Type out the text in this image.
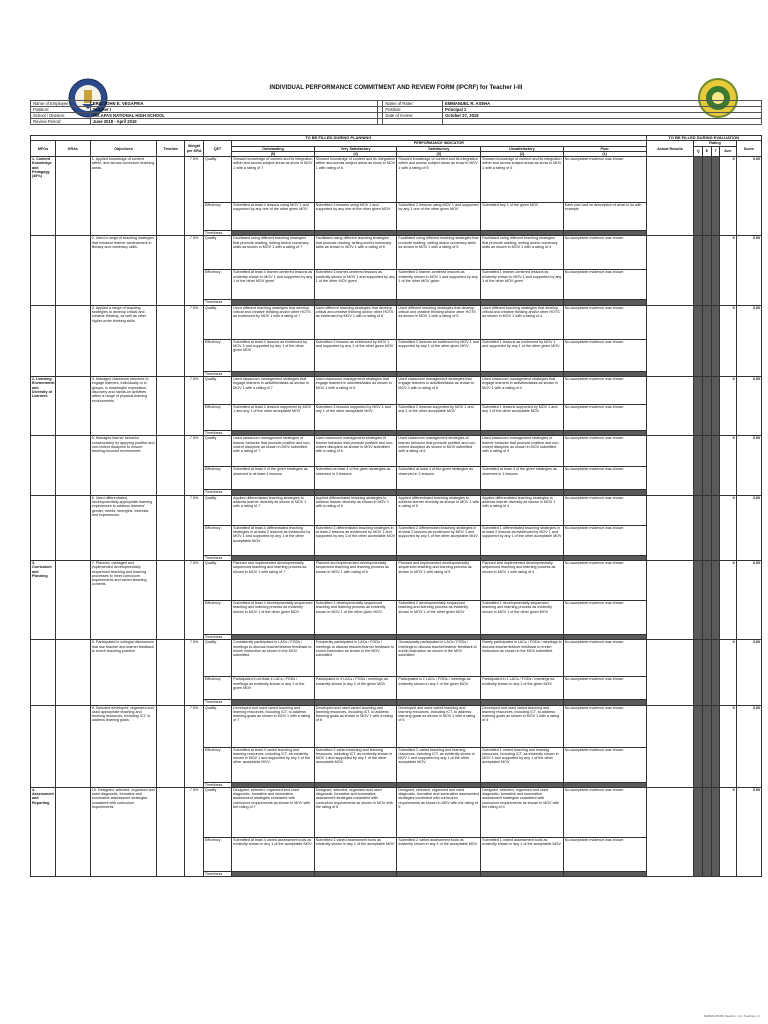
INDIVIDUAL PERFORMANCE COMMITMENT AND REVIEW FORM (IPCRF) for Teacher I-III
Name of Employee:	ERIC JOHN E. VEGAFRIA		Name of Rater:	EMMANUEL R. ASEHA
Position:	Teacher I		Position:	Principal 1
School / Division:	TELAFAS NATIONAL HIGH SCHOOL		Date of review:	October 27, 2018
Review Period:	June 2018 - April 2019			
TO BE FILLED DURING PLANNING											TO BE FILLED DURING EVALUATION					
MFOs	KRAs	Objectives	Timeline	Weight per KRA	QET	PERFORMANCE INDICATOR					Actual Results	Rating				Score
						Outstanding	Very Satisfactory	Satisfactory	Unsatisfactory	Poor		Q	E	T	Ave.	
						(5)	(4)	(3)	(2)	(1)						
1. Content Knowledge and Pedagogy (45%)		1. Applied knowledge of content within, and across curriculum teaching areas.		7.5%	Quality	Showed knowledge of content and its integration within and across subject areas as show in MOV 1 with a rating of 7	Showed knowledge of content and its integration within and across subject areas as show in MOV 1 with rating of 6	Showed knowledge of content and its integration within and across subject areas as show in MOV 1 with a rating of 5	Showed knowledge of content and its integration within and across subject areas as show in MOV 1 with a rating of 4	No acceptable evidence was shown					0	0.00
					Efficiency	Submitted at least 4 lessons using MOV 1 and supported by any one of the other given MOV	Submitted 3 lessons using MOV 1 and supported by any one of the other given MOV	Submitted 2 lessons using MOV 1 and supported by any 1 one of the other given MOV	Submitted any 1 of the given MOV	Each part had no description of what to do with example						
					Timeliness											
		2. Used a range of teaching strategies that enhance learner achievement in literacy and numeracy skills.		7.5%	Quality	Facilitated using different teaching strategies that promote reading, writing and/or numeracy skills as shown in MOV 1 with a rating of 7	Facilitated using different teaching strategies that promote reading, writing and/or numeracy skills as shown in MOV 1 with a rating of 6	Facilitated using different teaching strategies that promote reading, writing and/or numeracy skills as shown in MOV 1 with a rating of 5	Facilitated using different teaching strategies that promote reading, writing and/or numeracy skills as shown in MOV 1 with a rating of 4	No acceptable evidence was shown					0	0.00
					Efficiency	Submitted at least 4 learner-centered lessons as evidently shown in MOV 1 and supported by any 1 of the other MOV given	Submitted 3 learner-centered lessons as evidently shown in MOV 1 and supported by any 1 of the other MOV given	Submitted 2 learner-centered lessons as evidently shown in MOV 1 and supported by any 1 of the other MOV given	Submitted 1 learner-centered lessons as evidently shown in MOV 1 and supported by any 1 of the other MOV given	No acceptable evidence was shown						
					Timeliness											
		3. Applied a range of teaching strategies to develop critical and creative thinking, as well as other higher-order thinking skills.		7.5%	Quality	Used different teaching strategies that develop critical and creative thinking and/or other HOTS as evidenced by MOV 1 with a rating of 7	Used different teaching strategies that develop critical and creative thinking and/or other HOTS as evidenced by MOV 1 with a rating of 6	Used different teaching strategies that develop critical and creative thinking and/or other HOTS as shown in MOV 1 with a rating of 5	Used different teaching strategies that develop critical and creative thinking and/or other HOTS as shown in MOV 1 with a rating of 4	No acceptable evidence was shown					0	0.00
					Efficiency	Submitted at least 4 lessons as evidenced by MOV 1 and supported by any 1 of the other given MOV	Submitted 3 lessons as evidenced by MOV 1 and supported by any 1 of the other given MOV	Submitted 2 lessons as evidenced by MOV 1 and supported by any 1 of the other given MOV	Submitted 1 lessons as evidenced by MOV 1 and supported by any 1 of the other given MOV	No acceptable evidence was shown						
					Timeliness											
2. Learning Environment and Diversity of Learners		4. Managed classroom structure to engage learners, individually or in groups, in meaningful exploration, discovery and hands-on activities within a range of physical learning environments.		7.5%	Quality	Used classroom management strategies that engage learners in activities/tasks as shown in MOV 1 with a rating of 7	Used classroom management strategies that engage learners in activities/tasks as shown in MOV 1 with a rating of 6	Used classroom management strategies that engage learners in activities/tasks as shown in MOV 1 with a rating of 5	Used classroom management strategies that engage learners in activities/tasks as shown in MOV 1 with a rating of 4	No acceptable evidence was shown					0	0.00
					Efficiency	Submitted at least 4 lessons supported by MOV 1 and any 1 of the other acceptable MOV	Submitted 3 lessons supported by MOV 1 and any 1 of the other acceptable MOV	Submitted 2 lessons supported by MOV 1 and any 1 of the other acceptable MOV	Submitted 1 lessons supported by MOV 1 and any 1 of the other acceptable MOV	No acceptable evidence was shown						
					Timeliness											
		5. Managed learner behavior constructively by applying positive and non-violent discipline to ensure learning-focused environment.		7.5%	Quality	Used classroom management strategies of learner behavior that promote positive and non-violent discipline as shown in MOV submitted with a rating of 7	Used classroom management strategies of learner behavior that promote positive and non-violent discipline as shown in MOV submitted with a rating of 6	Used classroom management strategies of learner behavior that promote positive and non-violent discipline as shown in MOV submitted with a rating of 5	Used classroom management strategies of learner behavior that promote positive and non-violent discipline as shown in MOV submitted with a rating of 4	No acceptable evidence was shown					0	0.00
					Efficiency	Submitted at least 4 of the given strategies as observed in at least 4 lessons	Submitted at least 4 of the given strategies as observed in 3 lessons	Submitted at least 4 of the given strategies as observed in 2 lessons	Submitted at least 4 of the given strategies as observed in 1 lessons	No acceptable evidence was shown						
					Timeliness											
		6. Used differentiated, developmentally appropriate learning experiences to address learners' gender, needs, strengths, interests and experiences.		7.5%	Quality	Applied differentiated teaching strategies to address learner diversity as shown in MOV 1 with a rating of 7	Applied differentiated teaching strategies to address learner diversity as shown in MOV 1 with a rating of 6	Applied differentiated teaching strategies to address learner diversity as shown in MOV 1 with a rating of 5	Applied differentiated teaching strategies to address learner diversity as shown in MOV 1 with a rating of 4	No acceptable evidence was shown					0	0.00
					Efficiency	Submitted at least 4 differentiated teaching strategies in at least 2 lessons as evidenced by MOV 1 and supported by any 1 of the other acceptable MOV	Submitted 3 differentiated teaching strategies in at least 2 lessons as evidenced by MOV 1 and supported by any 1 of the other acceptable MOV	Submitted 2 differentiated teaching strategies in at least 2 lessons as evidenced by MOV 1 and supported by any 1 of the other acceptable MOV	Submitted 1 differentiated teaching strategies in at least 2 lessons as evidenced by MOV 1 and supported by any 1 of the other acceptable MOV	No acceptable evidence was shown						
					Timeliness											
3. Curriculum and Planning		7. Planned, managed and implemented developmentally sequenced teaching and learning processes to meet curriculum requirements and varied teaching contexts.		7.5%	Quality	Planned and implemented developmentally sequenced teaching and learning process as shown in MOV 1 with rating of 7	Planned and implemented developmentally sequenced teaching and learning process as shown in MOV 1 with rating of 6	Planned and implemented developmentally sequenced teaching and learning process as shown in MOV 1 with rating of 5	Planned and implemented developmentally sequenced teaching and learning process as shown in MOV 1 with rating of 4	No acceptable evidence was shown					0	0.00
					Efficiency	Submitted at least 4 developmentally sequenced teaching and learning process as evidently shown in MOV 1 of the other given MOV	Submitted 3 developmentally sequenced teaching and learning process as evidently shown in MOV 1 of the other given MOV	Submitted 2 developmentally sequenced teaching and learning process as evidently shown in MOV 1 of the other given MOV	Submitted 1 developmentally sequenced teaching and learning process as evidently shown in MOV 1 of the other given MOV	No acceptable evidence was shown						
					Timeliness											
		8. Participated in collegial discussions that use teacher and learner feedback to enrich teaching practice		7.5%	Quality	Consistently participated in LACs / FGDs / meetings to discuss teacher/learner feedback to enrich instruction as shown in the MOV submitted	Frequently participated in LACs / FGDs / meetings to discuss teacher/learner feedback to enrich instruction as shown in the MOV submitted	Occasionally participated in LACs / FGDs / meetings to discuss teacher/learner feedback to enrich instruction as shown in the MOV submitted	Rarely participated in LACs / FGDs / meetings to discuss teacher/learner feedback to enrich instruction as shown in the MOV submitted.	No acceptable evidence was shown					0	0.00
					Efficiency	Participated in at least 4 LACs / FGDs / meetings as evidently shown in any 1 of the given MOV	Participated in 3 LACs / FGDs / meetings as evidently shown in any 1 of the given MOV	Participated in 2 LACs / FGDs / meetings as evidently shown in any 1 of the given MOV	Participated in 1 LACs / FGDs / meetings as evidently shown in any 1 of the given MOV	No acceptable evidence was shown						
					Timeliness											
		9. Selected developed, organized and used appropriate teaching and learning resources, including ICT, to address learning goals.		7.5%	Quality	Developed and used varied teaching and learning resources, including ICT, to address learning goals as shown in MOV 1 with a rating of 7	Developed and used varied teaching and learning resources, including ICT, to address learning goals as shown in MOV 1 with a rating of 6	Developed and used varied teaching and learning resources, including ICT, to address learning goals as shown in MOV 1 with a rating of 5	Developed and used varied teaching and learning resources, including ICT, to address learning goals as shown in MOV 1 with a rating of 4	No acceptable evidence was shown					0	0.00
					Efficiency	Submitted at least 4 varied teaching and learning resources, including ICT, as evidently shown in MOV 1 and supported by any 1 of the other acceptable MOV	Submitted 3 varied teaching and learning resources, including ICT, as evidently shown in MOV 1 and supported by any 1 of the other acceptable MOV	Submitted 2 varied teaching and learning resources, including ICT, as evidently shown in MOV 1 and supported by any 1 of the other acceptable MOV	Submitted 1 varied teaching and learning resources, including ICT, as evidently shown in MOV 1 and supported by any 1 of the other acceptable MOV	No acceptable evidence was shown						
					Timeliness											
4. Assessment and Reporting		10. Designed, selected, organized and used diagnostic, formative and summative assessment strategies consistent with curriculum requirements.		7.5%	Quality	Designed, selected, organized and used diagnostic, formative and summative assessment strategies consistent with curriculum requirements as shown in MOV with the rating of 7	Designed, selected, organized and used diagnostic, formative and summative assessment strategies consistent with curriculum requirements as shown in MOV with the rating of 6	Designed, selected, organized and used diagnostic, formative and summative assessment strategies consistent with curriculum requirements as shown in MOV with the rating of 5	Designed, selected, organized and used diagnostic, formative and summative assessment strategies consistent with curriculum requirements as shown in MOV with the rating of 4	No acceptable evidence was shown					0	0.00
					Efficiency	Submitted at least 4 varied assessment tools as evidently shown in any 1 of the acceptable MOV	Submitted 3 varied assessment tools as evidently shown in any 1 of the acceptable MOV	Submitted 2 varied assessment tools as evidently shown in any 1 of the acceptable MOV	Submitted 1 varied assessment tools as evidently shown in any 1 of the acceptable MOV	No acceptable evidence was shown						
					Timeliness											
DEPED-IPCRF-Teacher - For Teachers | 1
